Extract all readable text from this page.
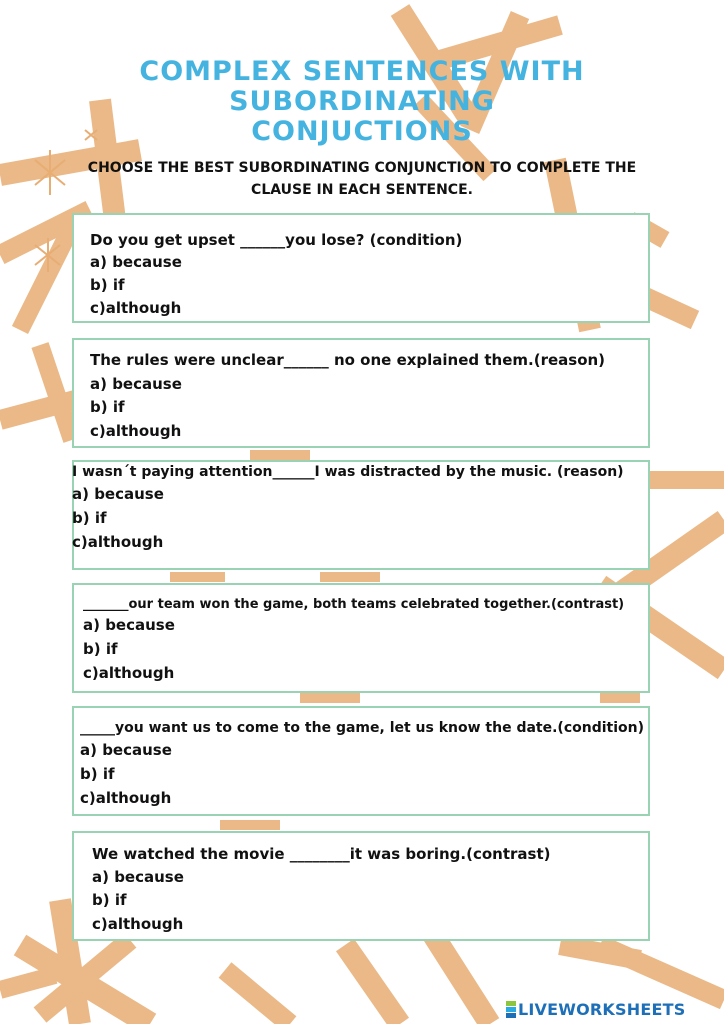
COMPLEX SENTENCES WITH
SUBORDINATING
CONJUCTIONS
CHOOSE THE BEST SUBORDINATING CONJUNCTION TO COMPLETE THE
CLAUSE IN EACH SENTENCE.
Do you get upset ______you lose? (condition)
a) because
b) if
c)although
The rules were unclear______ no one explained them.(reason)
a) because
b) if
c)although
I wasn´t paying attention______I was distracted by the music. (reason)
a) because
b) if
c)although
_______our team won the game, both teams celebrated together.(contrast)
a) because
b) if
c)although
_____you want us to come to the game, let us know the date.(condition)
a) because
b) if
c)although
We watched the movie ________it was boring.(contrast)
a) because
b) if
c)although
LIVEWORKSHEETS
